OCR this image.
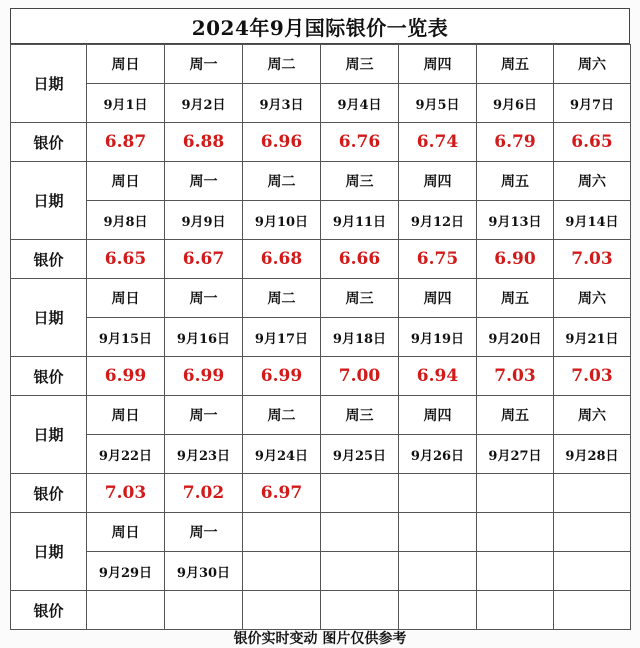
2024年9月国际银价一览表
日期	周日	周一	周二	周三	周四	周五	周六
	9月1日	9月2日	9月3日	9月4日	9月5日	9月6日	9月7日
银价	6.87	6.88	6.96	6.76	6.74	6.79	6.65
日期	周日	周一	周二	周三	周四	周五	周六
	9月8日	9月9日	9月10日	9月11日	9月12日	9月13日	9月14日
银价	6.65	6.67	6.68	6.66	6.75	6.90	7.03
日期	周日	周一	周二	周三	周四	周五	周六
	9月15日	9月16日	9月17日	9月18日	9月19日	9月20日	9月21日
银价	6.99	6.99	6.99	7.00	6.94	7.03	7.03
日期	周日	周一	周二	周三	周四	周五	周六
	9月22日	9月23日	9月24日	9月25日	9月26日	9月27日	9月28日
银价	7.03	7.02	6.97				
日期	周日	周一					
	9月29日	9月30日					
银价							
银价实时变动 图片仅供参考
